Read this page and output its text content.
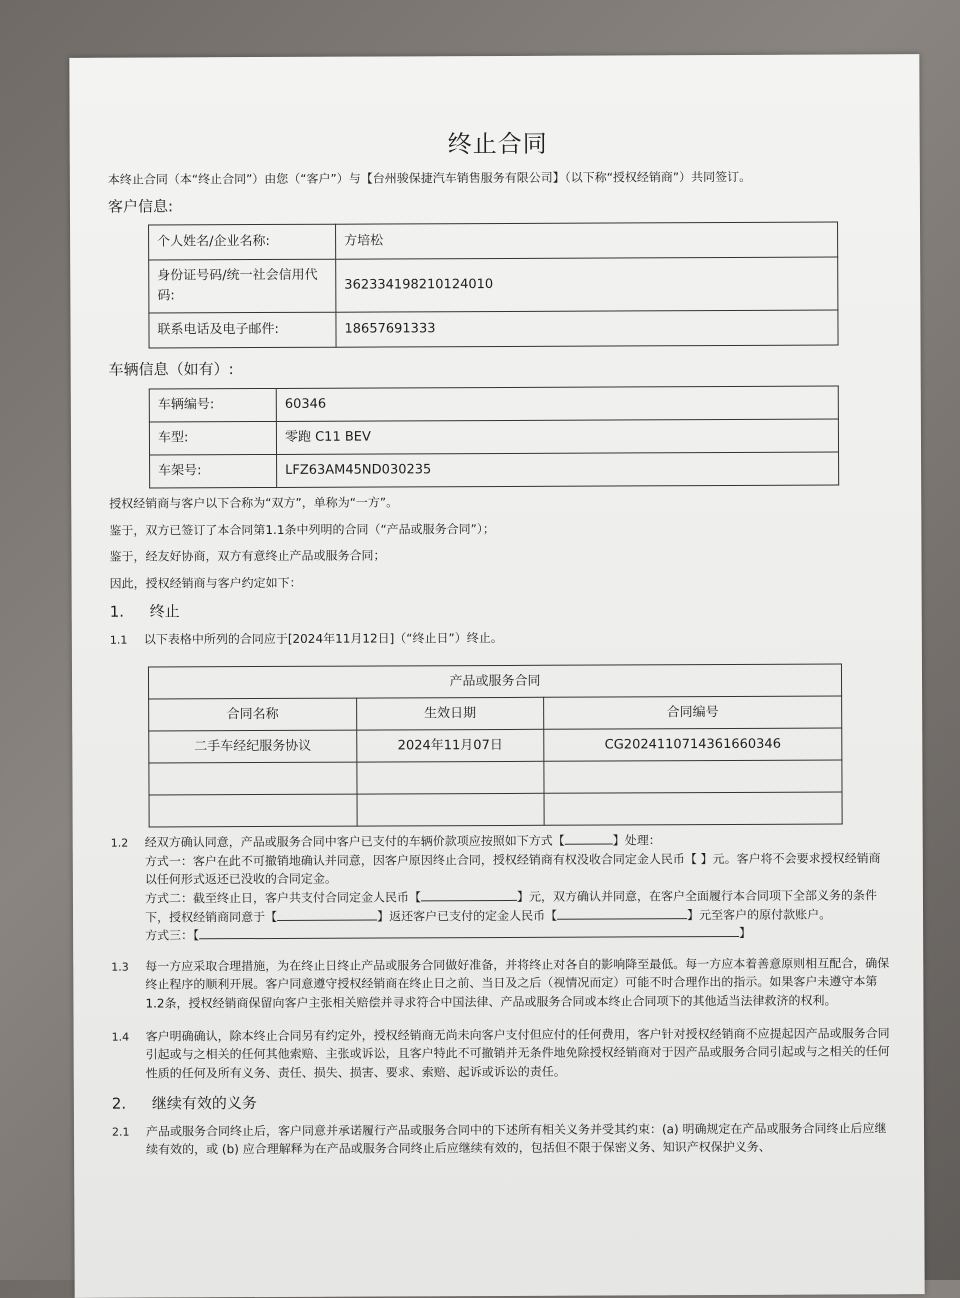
终止合同
本终止合同（本“终止合同”）由您（“客户”）与【台州骏保捷汽车销售服务有限公司】（以下称“授权经销商”）共同签订。
客户信息:
个人姓名/企业名称:	方培松
身份证号码/统一社会信用代码:	362334198210124010
联系电话及电子邮件:	18657691333
车辆信息（如有）:
车辆编号:	60346
车型:	零跑 C11 BEV
车架号:	LFZ63AM45ND030235
授权经销商与客户以下合称为“双方”，单称为“一方”。
鉴于，双方已签订了本合同第1.1条中列明的合同（“产品或服务合同”）；
鉴于，经友好协商，双方有意终止产品或服务合同；
因此，授权经销商与客户约定如下：
1. 终止
1.1	以下表格中所列的合同应于[2024年11月12日]（“终止日”）终止。
产品或服务合同		
合同名称	生效日期	合同编号
二手车经纪服务协议	2024年11月07日	CG2024110714361660346

1.2	经双方确认同意，产品或服务合同中客户已支付的车辆价款项应按照如下方式【	】处理：
方式一：客户在此不可撤销地确认并同意，因客户原因终止合同，授权经销商有权没收合同定金人民币【 】元。客户将不会要求授权经销商以任何形式返还已没收的合同定金。
方式二：截至终止日，客户共支付合同定金人民币【	】元，双方确认并同意，在客户全面履行本合同项下全部义务的条件下，授权经销商同意于【	】返还客户已支付的定金人民币【	】元至客户的原付款账户。
方式三：【	】
1.3	每一方应采取合理措施，为在终止日终止产品或服务合同做好准备，并将终止对各自的影响降至最低。每一方应本着善意原则相互配合，确保终止程序的顺利开展。客户同意遵守授权经销商在终止日之前、当日及之后（视情况而定）可能不时合理作出的指示。如果客户未遵守本第1.2条，授权经销商保留向客户主张相关赔偿并寻求符合中国法律、产品或服务合同或本终止合同项下的其他适当法律救济的权利。
1.4	客户明确确认，除本终止合同另有约定外，授权经销商无尚未向客户支付但应付的任何费用，客户针对授权经销商不应提起因产品或服务合同引起或与之相关的任何其他索赔、主张或诉讼，且客户特此不可撤销并无条件地免除授权经销商对于因产品或服务合同引起或与之相关的任何性质的任何及所有义务、责任、损失、损害、要求、索赔、起诉或诉讼的责任。
2. 继续有效的义务
2.1	产品或服务合同终止后，客户同意并承诺履行产品或服务合同中的下述所有相关义务并受其约束：(a) 明确规定在产品或服务合同终止后应继续有效的，或 (b) 应合理解释为在产品或服务合同终止后应继续有效的，包括但不限于保密义务、知识产权保护义务、
